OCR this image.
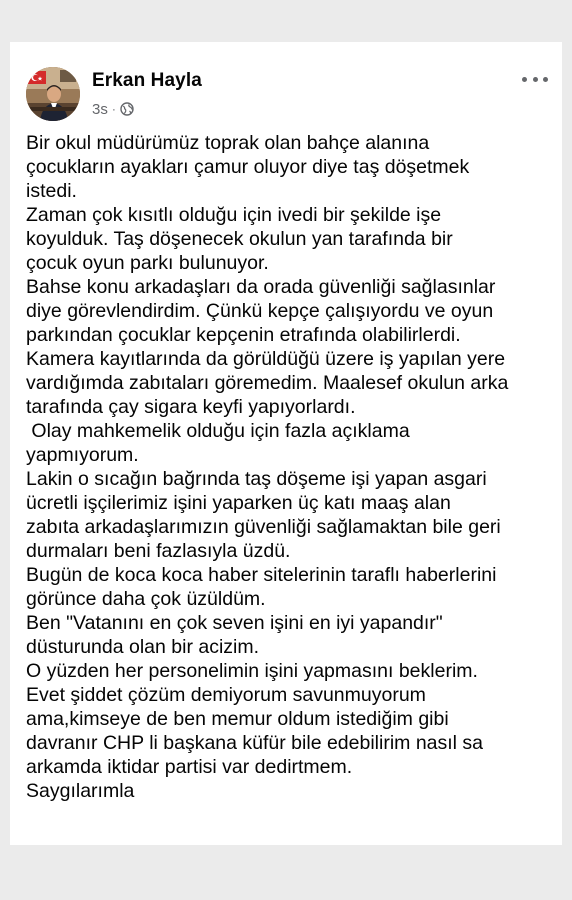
Erkan Hayla
3s ·
Bir okul müdürümüz toprak olan bahçe alanına
çocukların ayakları çamur oluyor diye taş döşetmek
istedi.
Zaman çok kısıtlı olduğu için ivedi bir şekilde işe
koyulduk. Taş döşenecek okulun yan tarafında bir
çocuk oyun parkı bulunuyor.
Bahse konu arkadaşları da orada güvenliği sağlasınlar
diye görevlendirdim. Çünkü kepçe çalışıyordu ve oyun
parkından çocuklar kepçenin etrafında olabilirlerdi.
Kamera kayıtlarında da görüldüğü üzere iş yapılan yere
vardığımda zabıtaları göremedim. Maalesef okulun arka
tarafında çay sigara keyfi yapıyorlardı.
Olay mahkemelik olduğu için fazla açıklama
yapmıyorum.
Lakin o sıcağın bağrında taş döşeme işi yapan asgari
ücretli işçilerimiz işini yaparken üç katı maaş alan
zabıta arkadaşlarımızın güvenliği sağlamaktan bile geri
durmaları beni fazlasıyla üzdü.
Bugün de koca koca haber sitelerinin taraflı haberlerini
görünce daha çok üzüldüm.
Ben "Vatanını en çok seven işini en iyi yapandır"
düsturunda olan bir acizim.
O yüzden her personelimin işini yapmasını beklerim.
Evet şiddet çözüm demiyorum savunmuyorum
ama,kimseye de ben memur oldum istediğim gibi
davranır CHP li başkana küfür bile edebilirim nasıl sa
arkamda iktidar partisi var dedirtmem.
Saygılarımla
